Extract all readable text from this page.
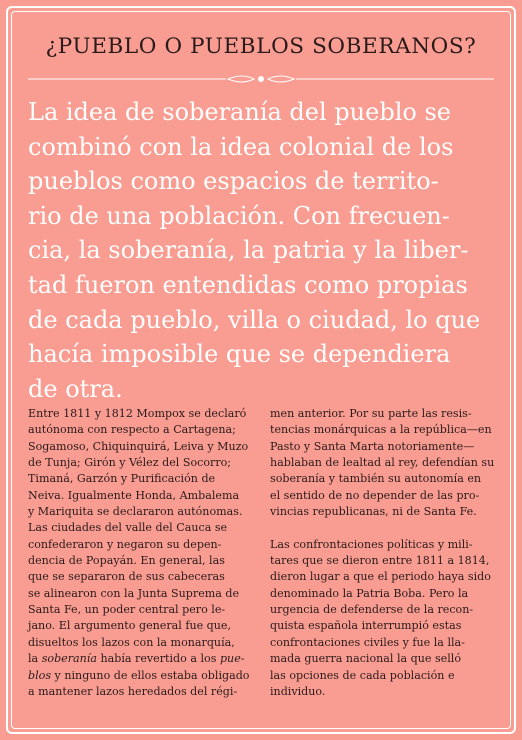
¿PUEBLO O PUEBLOS SOBERANOS?

La idea de soberanía del pueblo se
combinó con la idea colonial de los
pueblos como espacios de territo-
rio de una población. Con frecuen-
cia, la soberanía, la patria y la liber-
tad fueron entendidas como propias
de cada pueblo, villa o ciudad, lo que
hacía imposible que se dependiera
de otra.

Entre 1811 y 1812 Mompox se declaró
autónoma con respecto a Cartagena;
Sogamoso, Chiquinquirá, Leiva y Muzo
de Tunja; Girón y Vélez del Socorro;
Timaná, Garzón y Purificación de
Neiva. Igualmente Honda, Ambalema
y Mariquita se declararon autónomas.
Las ciudades del valle del Cauca se
confederaron y negaron su depen-
dencia de Popayán. En general, las
que se separaron de sus cabeceras
se alinearon con la Junta Suprema de
Santa Fe, un poder central pero le-
jano. El argumento general fue que,
disueltos los lazos con la monarquía,
la soberanía había revertido a los pue-
blos y ninguno de ellos estaba obligado
a mantener lazos heredados del régi-
men anterior. Por su parte las resis-
tencias monárquicas a la república—en
Pasto y Santa Marta notoriamente—
hablaban de lealtad al rey, defendían su
soberanía y también su autonomía en
el sentido de no depender de las pro-
vincias republicanas, ni de Santa Fe.
Las confrontaciones políticas y mili-
tares que se dieron entre 1811 a 1814,
dieron lugar a que el periodo haya sido
denominado la Patria Boba. Pero la
urgencia de defenderse de la recon-
quista española interrumpió estas
confrontaciones civiles y fue la lla-
mada guerra nacional la que selló
las opciones de cada población e
individuo.
